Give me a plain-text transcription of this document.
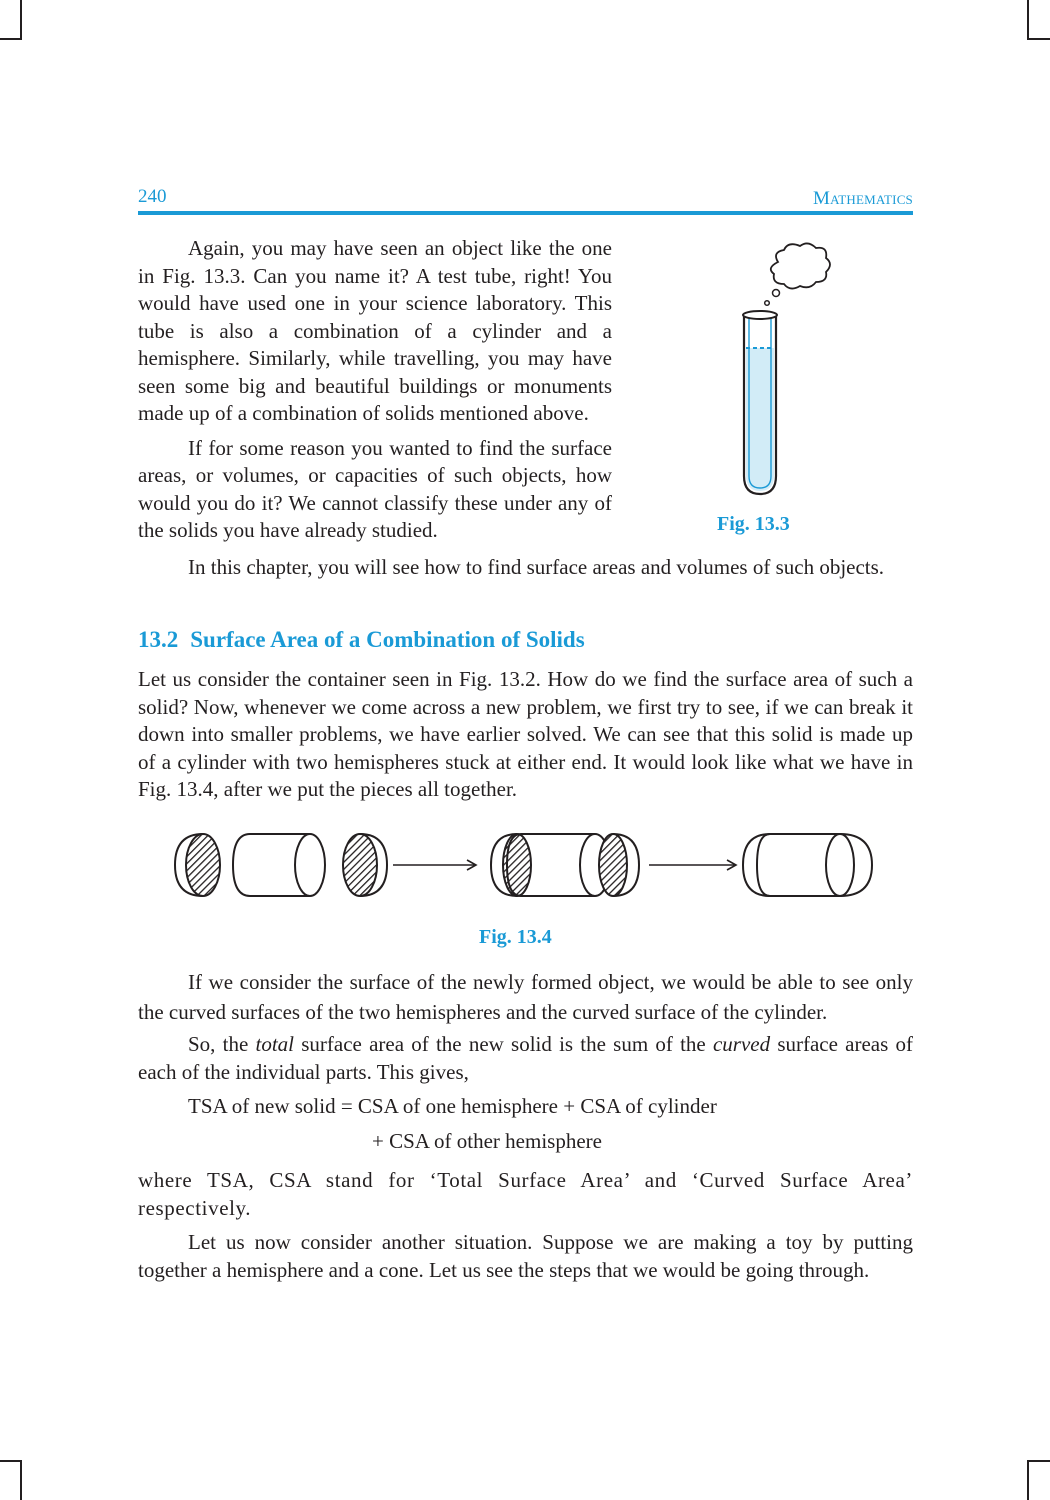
240	Mathematics

Again, you may have seen an object like the one in Fig. 13.3. Can you name it? A test tube, right! You would have used one in your science laboratory. This tube is also a combination of a cylinder and a hemisphere. Similarly, while travelling, you may have seen some big and beautiful buildings or monuments made up of a combination of solids mentioned above.

If for some reason you wanted to find the surface areas, or volumes, or capacities of such objects, how would you do it? We cannot classify these under any of the solids you have already studied.	Fig. 13.3

In this chapter, you will see how to find surface areas and volumes of such objects.

13.2 Surface Area of a Combination of Solids

Let us consider the container seen in Fig. 13.2. How do we find the surface area of such a solid? Now, whenever we come across a new problem, we first try to see, if we can break it down into smaller problems, we have earlier solved. We can see that this solid is made up of a cylinder with two hemispheres stuck at either end. It would look like what we have in Fig. 13.4, after we put the pieces all together.

Fig. 13.4

If we consider the surface of the newly formed object, we would be able to see only the curved surfaces of the two hemispheres and the curved surface of the cylinder.

So, the total surface area of the new solid is the sum of the curved surface areas of each of the individual parts. This gives,

TSA of new solid = CSA of one hemisphere + CSA of cylinder
+ CSA of other hemisphere

where TSA, CSA stand for ‘Total Surface Area’ and ‘Curved Surface Area’ respectively.

Let us now consider another situation. Suppose we are making a toy by putting together a hemisphere and a cone. Let us see the steps that we would be going through.
